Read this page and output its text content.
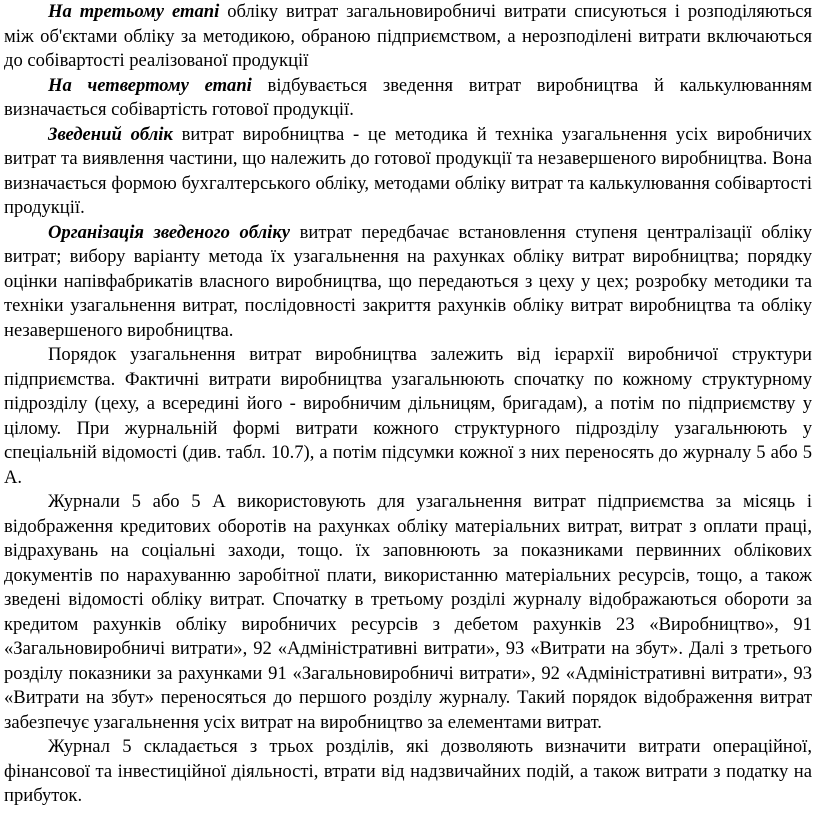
На третьому етапі обліку витрат загальновиробничі витрати списуються і розподіляються між об'єктами обліку за методикою, обраною підприємством, а нерозподілені витрати включаються до собівартості реалізованої продукції

На четвертому етапі відбувається зведення витрат виробництва й калькулюванням визначається собівартість готової продукції.

Зведений облік витрат виробництва - це методика й техніка узагальнення усіх виробничих витрат та виявлення частини, що належить до готової продукції та незавершеного виробництва. Вона визначається формою бухгалтерського обліку, методами обліку витрат та калькулювання собівартості продукції.

Організація зведеного обліку витрат передбачає встановлення ступеня централізації обліку витрат; вибору варіанту метода їх узагальнення на рахунках обліку витрат виробництва; порядку оцінки напівфабрикатів власного виробництва, що передаються з цеху у цех; розробку методики та техніки узагальнення витрат, послідовності закриття рахунків обліку витрат виробництва та обліку незавершеного виробництва.

Порядок узагальнення витрат виробництва залежить від ієрархії виробничої структури підприємства. Фактичні витрати виробництва узагальнюють спочатку по кожному структурному підрозділу (цеху, а всередині його - виробничим дільницям, бригадам), а потім по підприємству у цілому. При журнальній формі витрати кожного структурного підрозділу узагальнюють у спеціальній відомості (див. табл. 10.7), а потім підсумки кожної з них переносять до журналу 5 або 5 А.

Журнали 5 або 5 А використовують для узагальнення витрат підприємства за місяць і відображення кредитових оборотів на рахунках обліку матеріальних витрат, витрат з оплати праці, відрахувань на соціальні заходи, тощо. їх заповнюють за показниками первинних облікових документів по нарахуванню заробітної плати, використанню матеріальних ресурсів, тощо, а також зведені відомості обліку витрат. Спочатку в третьому розділі журналу відображаються обороти за кредитом рахунків обліку виробничих ресурсів з дебетом рахунків 23 «Виробництво», 91 «Загальновиробничі витрати», 92 «Адміністративні витрати», 93 «Витрати на збут». Далі з третього розділу показники за рахунками 91 «Загальновиробничі витрати», 92 «Адміністративні витрати», 93 «Витрати на збут» переносяться до першого розділу журналу. Такий порядок відображення витрат забезпечує узагальнення усіх витрат на виробництво за елементами витрат.

Журнал 5 складається з трьох розділів, які дозволяють визначити витрати операційної, фінансової та інвестиційної діяльності, втрати від надзвичайних подій, а також витрати з податку на прибуток.
